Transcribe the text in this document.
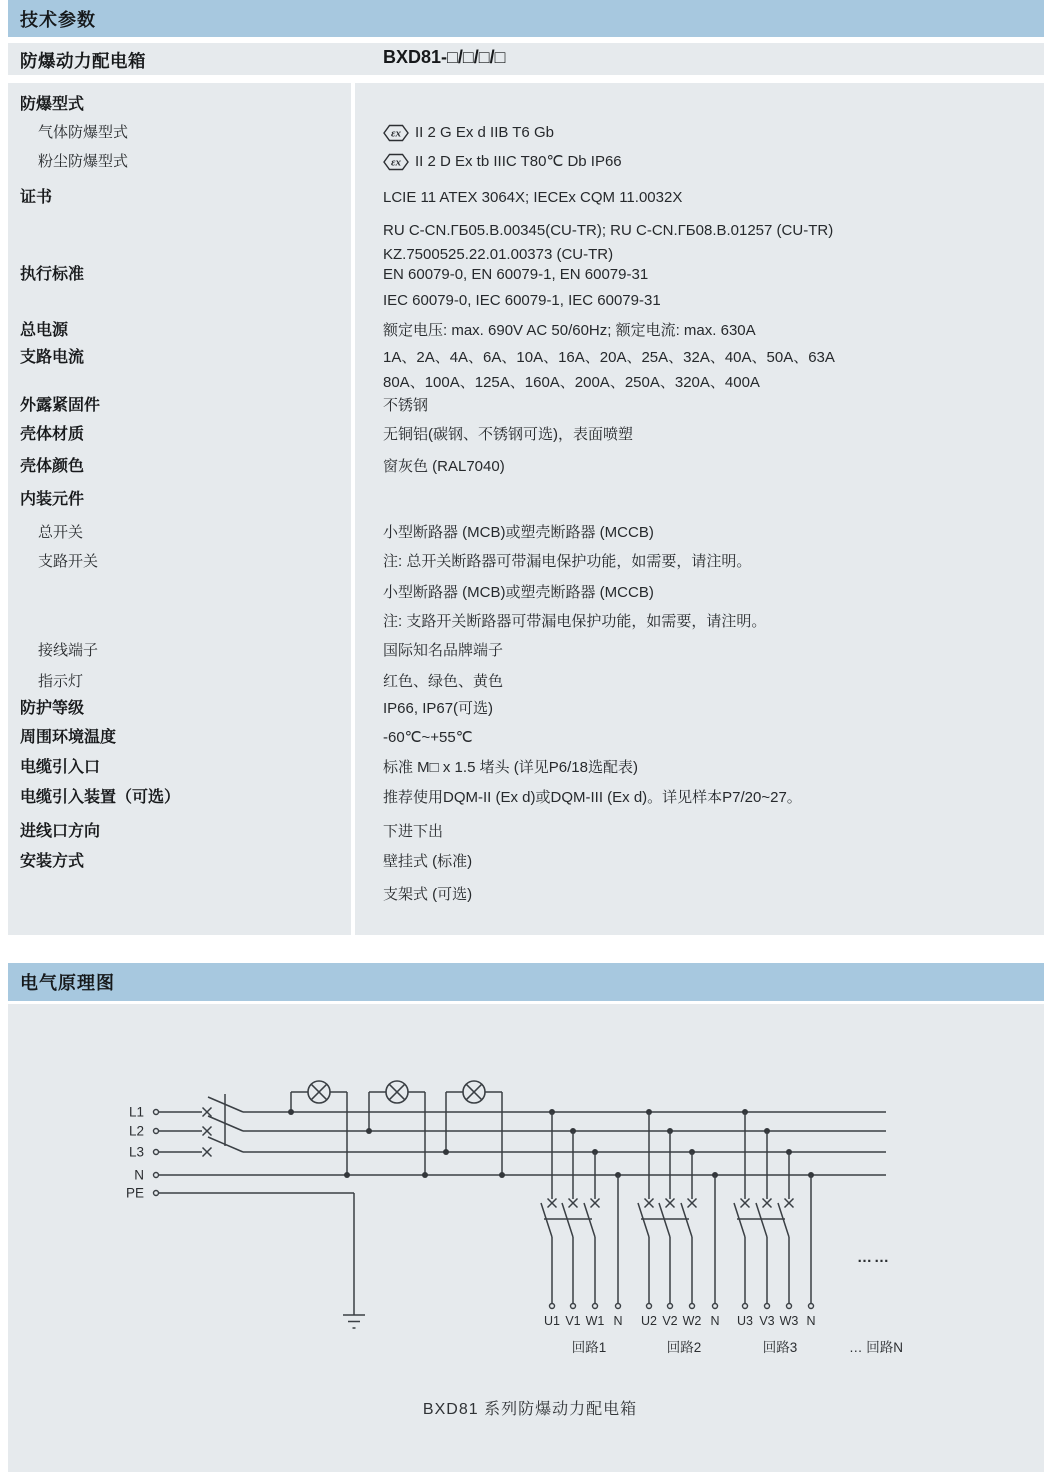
技术参数
防爆动力配电箱	BXD81-□/□/□/□
防爆型式
气体防爆型式	εx II 2 G Ex d IIB T6 Gb
粉尘防爆型式	εx II 2 D Ex tb IIIC T80℃ Db IP66
证书	LCIE 11 ATEX 3064X; IECEx CQM 11.0032X
RU C-CN.ГБ05.В.00345(CU-TR); RU C-CN.ГБ08.В.01257 (CU-TR)
KZ.7500525.22.01.00373 (CU-TR)
执行标准	EN 60079-0, EN 60079-1, EN 60079-31
IEC 60079-0, IEC 60079-1, IEC 60079-31
总电源	额定电压: max. 690V AC 50/60Hz; 额定电流: max. 630A
支路电流	1A、2A、4A、6A、10A、16A、20A、25A、32A、40A、50A、63A
80A、100A、125A、160A、200A、250A、320A、400A
外露紧固件	不锈钢
壳体材质	无铜铝(碳钢、不锈钢可选)，表面喷塑
壳体颜色	窗灰色 (RAL7040)
内装元件
总开关	小型断路器 (MCB)或塑壳断路器 (MCCB)
支路开关	注: 总开关断路器可带漏电保护功能，如需要，请注明。
小型断路器 (MCB)或塑壳断路器 (MCCB)
注: 支路开关断路器可带漏电保护功能，如需要，请注明。
接线端子	国际知名品牌端子
指示灯	红色、绿色、黄色
防护等级	IP66, IP67(可选)
周围环境温度	-60℃~+55℃
电缆引入口	标准 M□ x 1.5 堵头 (详见P6/18选配表)
电缆引入装置（可选）	推荐使用DQM-II (Ex d)或DQM-III (Ex d)。详见样本P7/20~27。
进线口方向	下进下出
安装方式	壁挂式 (标准)
支架式 (可选)
电气原理图
L1
L2
L3
N
PE
U1 V1 W1 N U2 V2 W2 N U3 V3 W3 N
回路1	回路2	回路3	… 回路N
……
BXD81 系列防爆动力配电箱
